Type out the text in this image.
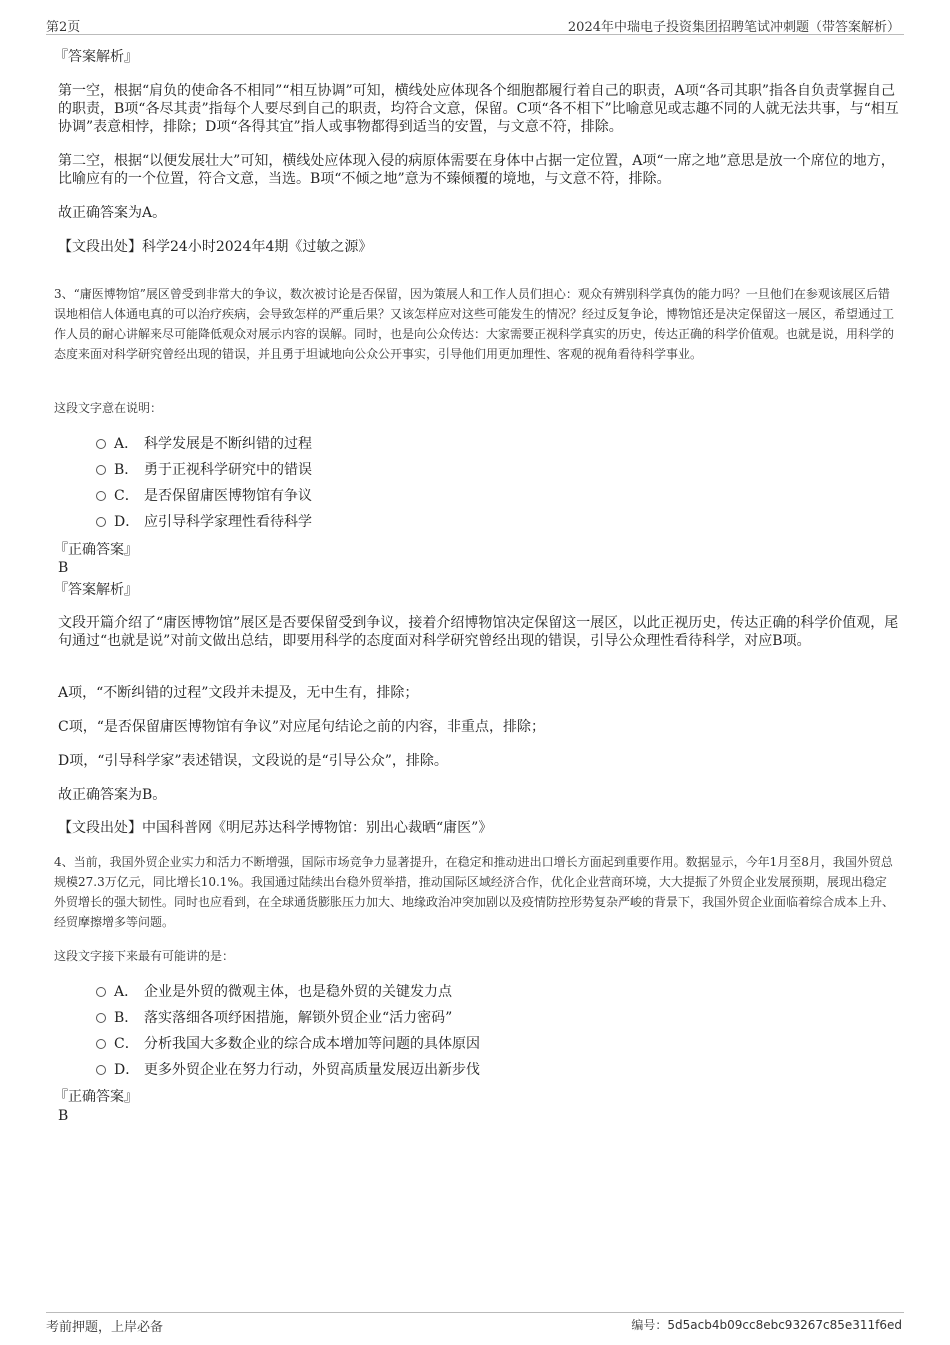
第2页	2024年中瑞电子投资集团招聘笔试冲刺题（带答案解析）
『答案解析』
第一空，根据“肩负的使命各不相同”“相互协调”可知，横线处应体现各个细胞都履行着自己的职责，A项“各司其职”指各自负责掌握自己的职责，B项“各尽其责”指每个人要尽到自己的职责，均符合文意，保留。C项“各不相下”比喻意见或志趣不同的人就无法共事，与“相互协调”表意相悖，排除；D项“各得其宜”指人或事物都得到适当的安置，与文意不符，排除。
第二空，根据“以便发展壮大”可知，横线处应体现入侵的病原体需要在身体中占据一定位置，A项“一席之地”意思是放一个席位的地方，比喻应有的一个位置，符合文意，当选。B项“不倾之地”意为不臻倾覆的境地，与文意不符，排除。
故正确答案为A。
【文段出处】科学24小时2024年4期《过敏之源》
3、“庸医博物馆”展区曾受到非常大的争议，数次被讨论是否保留，因为策展人和工作人员们担心：观众有辨别科学真伪的能力吗？一旦他们在参观该展区后错误地相信人体通电真的可以治疗疾病，会导致怎样的严重后果？又该怎样应对这些可能发生的情况？经过反复争论，博物馆还是决定保留这一展区，希望通过工作人员的耐心讲解来尽可能降低观众对展示内容的误解。同时，也是向公众传达：大家需要正视科学真实的历史，传达正确的科学价值观。也就是说，用科学的态度来面对科学研究曾经出现的错误，并且勇于坦诚地向公众公开事实，引导他们用更加理性、客观的视角看待科学事业。
这段文字意在说明：
A． 科学发展是不断纠错的过程
B． 勇于正视科学研究中的错误
C． 是否保留庸医博物馆有争议
D． 应引导科学家理性看待科学
『正确答案』
B
『答案解析』
文段开篇介绍了“庸医博物馆”展区是否要保留受到争议，接着介绍博物馆决定保留这一展区，以此正视历史，传达正确的科学价值观，尾句通过“也就是说”对前文做出总结，即要用科学的态度面对科学研究曾经出现的错误，引导公众理性看待科学，对应B项。
A项，“不断纠错的过程”文段并未提及，无中生有，排除；
C项，“是否保留庸医博物馆有争议”对应尾句结论之前的内容，非重点，排除；
D项，“引导科学家”表述错误，文段说的是“引导公众”，排除。
故正确答案为B。
【文段出处】中国科普网《明尼苏达科学博物馆：别出心裁晒“庸医”》
4、当前，我国外贸企业实力和活力不断增强，国际市场竞争力显著提升，在稳定和推动进出口增长方面起到重要作用。数据显示，今年1月至8月，我国外贸总规模27.3万亿元，同比增长10.1%。我国通过陆续出台稳外贸举措，推动国际区域经济合作，优化企业营商环境，大大提振了外贸企业发展预期，展现出稳定外贸增长的强大韧性。同时也应看到，在全球通货膨胀压力加大、地缘政治冲突加剧以及疫情防控形势复杂严峻的背景下，我国外贸企业面临着综合成本上升、经贸摩擦增多等问题。
这段文字接下来最有可能讲的是：
A． 企业是外贸的微观主体，也是稳外贸的关键发力点
B． 落实落细各项纾困措施，解锁外贸企业“活力密码”
C． 分析我国大多数企业的综合成本增加等问题的具体原因
D． 更多外贸企业在努力行动，外贸高质量发展迈出新步伐
『正确答案』
B
考前押题，上岸必备	编号：5d5acb4b09cc8ebc93267c85e311f6ed
